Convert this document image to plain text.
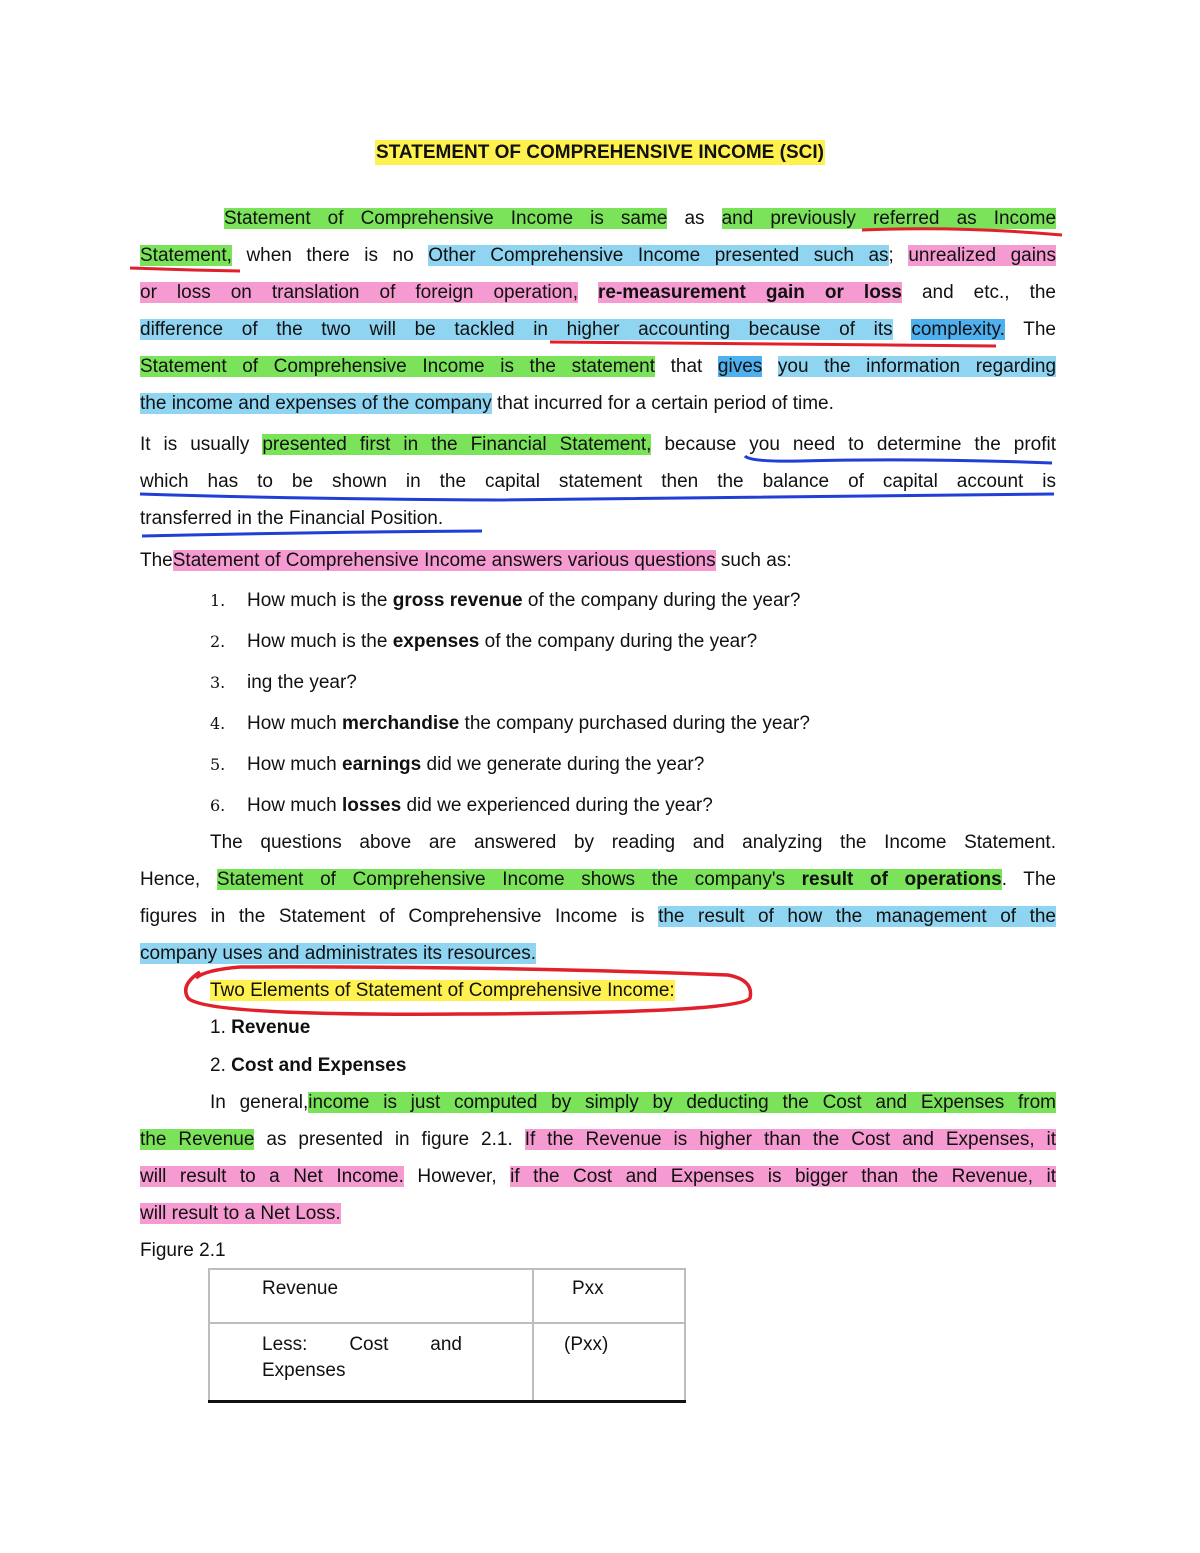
STATEMENT OF COMPREHENSIVE INCOME (SCI)
Statement of Comprehensive Income is same as and previously referred as Income
Statement, when there is no Other Comprehensive Income presented such as; unrealized gains
or loss on translation of foreign operation, re-measurement gain or loss and etc., the
difference of the two will be tackled in higher accounting because of its complexity. The
Statement of Comprehensive Income is the statement that gives you the information regarding
the income and expenses of the company that incurred for a certain period of time.
It is usually presented first in the Financial Statement, because you need to determine the profit
which has to be shown in the capital statement then the balance of capital account is
transferred in the Financial Position.
TheStatement of Comprehensive Income answers various questions such as:
1. How much is the gross revenue of the company during the year?
2. How much is the expenses of the company during the year?
3. ing the year?
4. How much merchandise the company purchased during the year?
5. How much earnings did we generate during the year?
6. How much losses did we experienced during the year?
The questions above are answered by reading and analyzing the Income Statement.
Hence, Statement of Comprehensive Income shows the company's result of operations. The
figures in the Statement of Comprehensive Income is the result of how the management of the
company uses and administrates its resources.
Two Elements of Statement of Comprehensive Income:
1. Revenue
2. Cost and Expenses
In general,income is just computed by simply by deducting the Cost and Expenses from
the Revenue as presented in figure 2.1. If the Revenue is higher than the Cost and Expenses, it
will result to a Net Income. However, if the Cost and Expenses is bigger than the Revenue, it
will result to a Net Loss.
Figure 2.1
Revenue	Pxx
Less: Cost and Expenses	(Pxx)
